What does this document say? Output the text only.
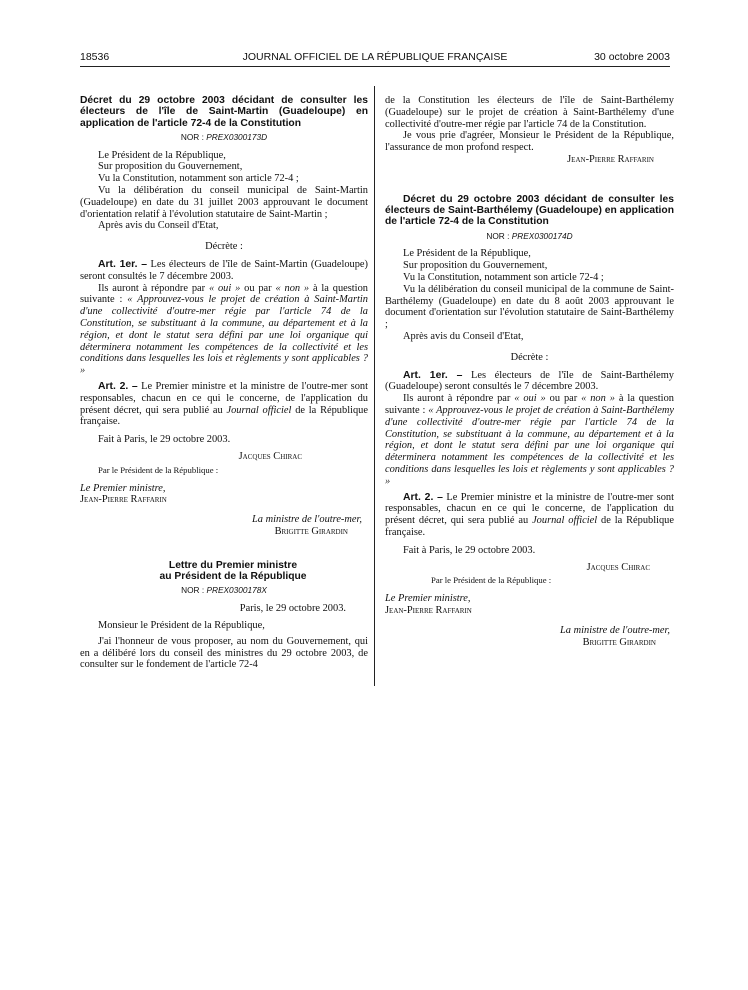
18536	JOURNAL OFFICIEL DE LA RÉPUBLIQUE FRANÇAISE	30 octobre 2003

Décret du 29 octobre 2003 décidant de consulter les électeurs de l'île de Saint-Martin (Guadeloupe) en application de l'article 72-4 de la Constitution

NOR : PREX0300173D

Le Président de la République,

Sur proposition du Gouvernement,

Vu la Constitution, notamment son article 72-4 ;

Vu la délibération du conseil municipal de Saint-Martin (Guadeloupe) en date du 31 juillet 2003 approuvant le document d'orientation relatif à l'évolution statutaire de Saint-Martin ;

Après avis du Conseil d'Etat,

Décrète :

Art. 1er. – Les électeurs de l'île de Saint-Martin (Guadeloupe) seront consultés le 7 décembre 2003.

Ils auront à répondre par « oui » ou par « non » à la question suivante : « Approuvez-vous le projet de création à Saint-Martin d'une collectivité d'outre-mer régie par l'article 74 de la Constitution, se substituant à la commune, au département et à la région, et dont le statut sera défini par une loi organique qui déterminera notamment les compétences de la collectivité et les conditions dans lesquelles les lois et règlements y sont applicables ? »

Art. 2. – Le Premier ministre et la ministre de l'outre-mer sont responsables, chacun en ce qui le concerne, de l'application du présent décret, qui sera publié au Journal officiel de la République française.

Fait à Paris, le 29 octobre 2003.

Jacques Chirac

Par le Président de la République :

Le Premier ministre,

Jean-Pierre Raffarin

La ministre de l'outre-mer,

Brigitte Girardin

Lettre du Premier ministre

au Président de la République

NOR : PREX0300178X

Paris, le 29 octobre 2003.

Monsieur le Président de la République,

J'ai l'honneur de vous proposer, au nom du Gouvernement, qui en a délibéré lors du conseil des ministres du 29 octobre 2003, de consulter sur le fondement de l'article 72-4

de la Constitution les électeurs de l'île de Saint-Barthélemy (Guadeloupe) sur le projet de création à Saint-Barthélemy d'une collectivité d'outre-mer régie par l'article 74 de la Constitution.

Je vous prie d'agréer, Monsieur le Président de la République, l'assurance de mon profond respect.

Jean-Pierre Raffarin

Décret du 29 octobre 2003 décidant de consulter les électeurs de Saint-Barthélemy (Guadeloupe) en application de l'article 72-4 de la Constitution

NOR : PREX0300174D

Le Président de la République,

Sur proposition du Gouvernement,

Vu la Constitution, notamment son article 72-4 ;

Vu la délibération du conseil municipal de la commune de Saint-Barthélemy (Guadeloupe) en date du 8 août 2003 approuvant le document d'orientation sur l'évolution statutaire de Saint-Barthélemy ;

Après avis du Conseil d'Etat,

Décrète :

Art. 1er. – Les électeurs de l'île de Saint-Barthélemy (Guadeloupe) seront consultés le 7 décembre 2003.

Ils auront à répondre par « oui » ou par « non » à la question suivante : « Approuvez-vous le projet de création à Saint-Barthélemy d'une collectivité d'outre-mer régie par l'article 74 de la Constitution, se substituant à la commune, au département et à la région, et dont le statut sera défini par une loi organique qui déterminera notamment les compétences de la collectivité et les conditions dans lesquelles les lois et règlements y sont applicables ? »

Art. 2. – Le Premier ministre et la ministre de l'outre-mer sont responsables, chacun en ce qui le concerne, de l'application du présent décret, qui sera publié au Journal officiel de la République française.

Fait à Paris, le 29 octobre 2003.

Jacques Chirac

Par le Président de la République :

Le Premier ministre,

Jean-Pierre Raffarin

La ministre de l'outre-mer,

Brigitte Girardin
